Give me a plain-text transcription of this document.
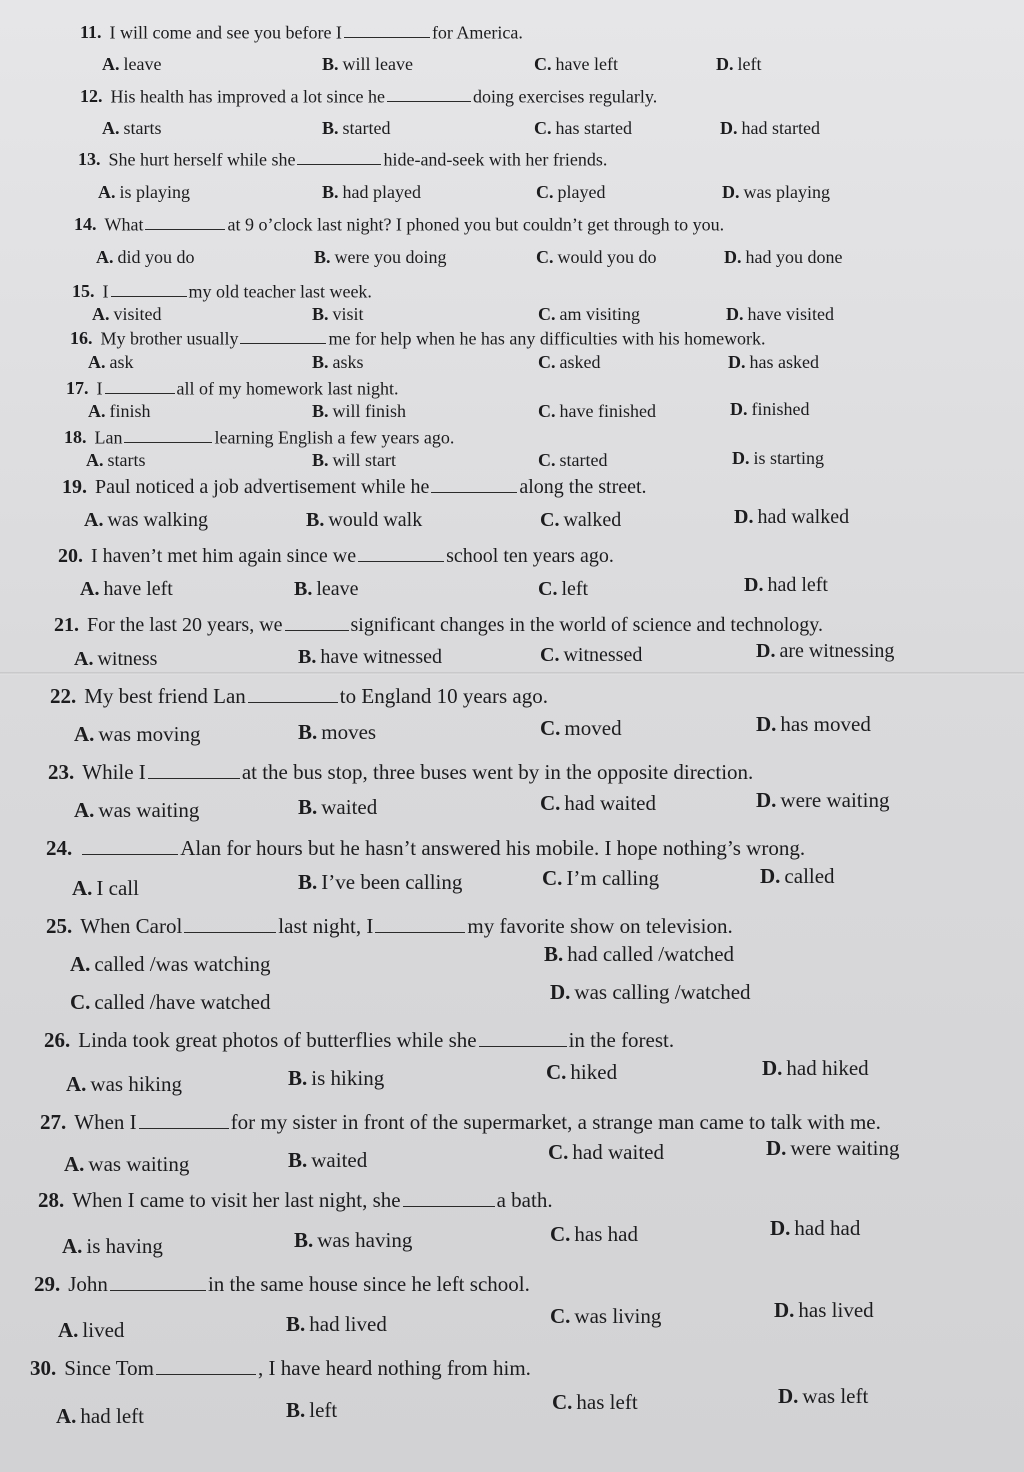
11. I will come and see you before I	for America.
A. leave	B. will leave	C. have left	D. left
12. His health has improved a lot since he	doing exercises regularly.
A. starts	B. started	C. has started	D. had started
13. She hurt herself while she	hide-and-seek with her friends.
A. is playing	B. had played	C. played	D. was playing
14. What	at 9 o’clock last night? I phoned you but couldn’t get through to you.
A. did you do	B. were you doing	C. would you do	D. had you done
15. I	my old teacher last week.
A. visited	B. visit	C. am visiting	D. have visited
16. My brother usually	me for help when he has any difficulties with his homework.
A. ask	B. asks	C. asked	D. has asked
17. I	all of my homework last night.
A. finish	B. will finish	C. have finished	D. finished
18. Lan	learning English a few years ago.
A. starts	B. will start	C. started	D. is starting
19. Paul noticed a job advertisement while he	along the street.
A. was walking	B. would walk	C. walked	D. had walked
20. I haven’t met him again since we	school ten years ago.
A. have left	B. leave	C. left	D. had left
21. For the last 20 years, we	significant changes in the world of science and technology.
A. witness	B. have witnessed	C. witnessed	D. are witnessing
22. My best friend Lan	to England 10 years ago.
A. was moving	B. moves	C. moved	D. has moved
23. While I	at the bus stop, three buses went by in the opposite direction.
A. was waiting	B. waited	C. had waited	D. were waiting
24.	Alan for hours but he hasn’t answered his mobile. I hope nothing’s wrong.
A. I call	B. I’ve been calling	C. I’m calling	D. called
25. When Carol	last night, I	my favorite show on television.
A. called /was watching	B. had called /watched
C. called /have watched	D. was calling /watched
26. Linda took great photos of butterflies while she	in the forest.
A. was hiking	B. is hiking	C. hiked	D. had hiked
27. When I	for my sister in front of the supermarket, a strange man came to talk with me.
A. was waiting	B. waited	C. had waited	D. were waiting
28. When I came to visit her last night, she	a bath.
A. is having	B. was having	C. has had	D. had had
29. John	in the same house since he left school.
A. lived	B. had lived	C. was living	D. has lived
30. Since Tom	, I have heard nothing from him.
A. had left	B. left	C. has left	D. was left
